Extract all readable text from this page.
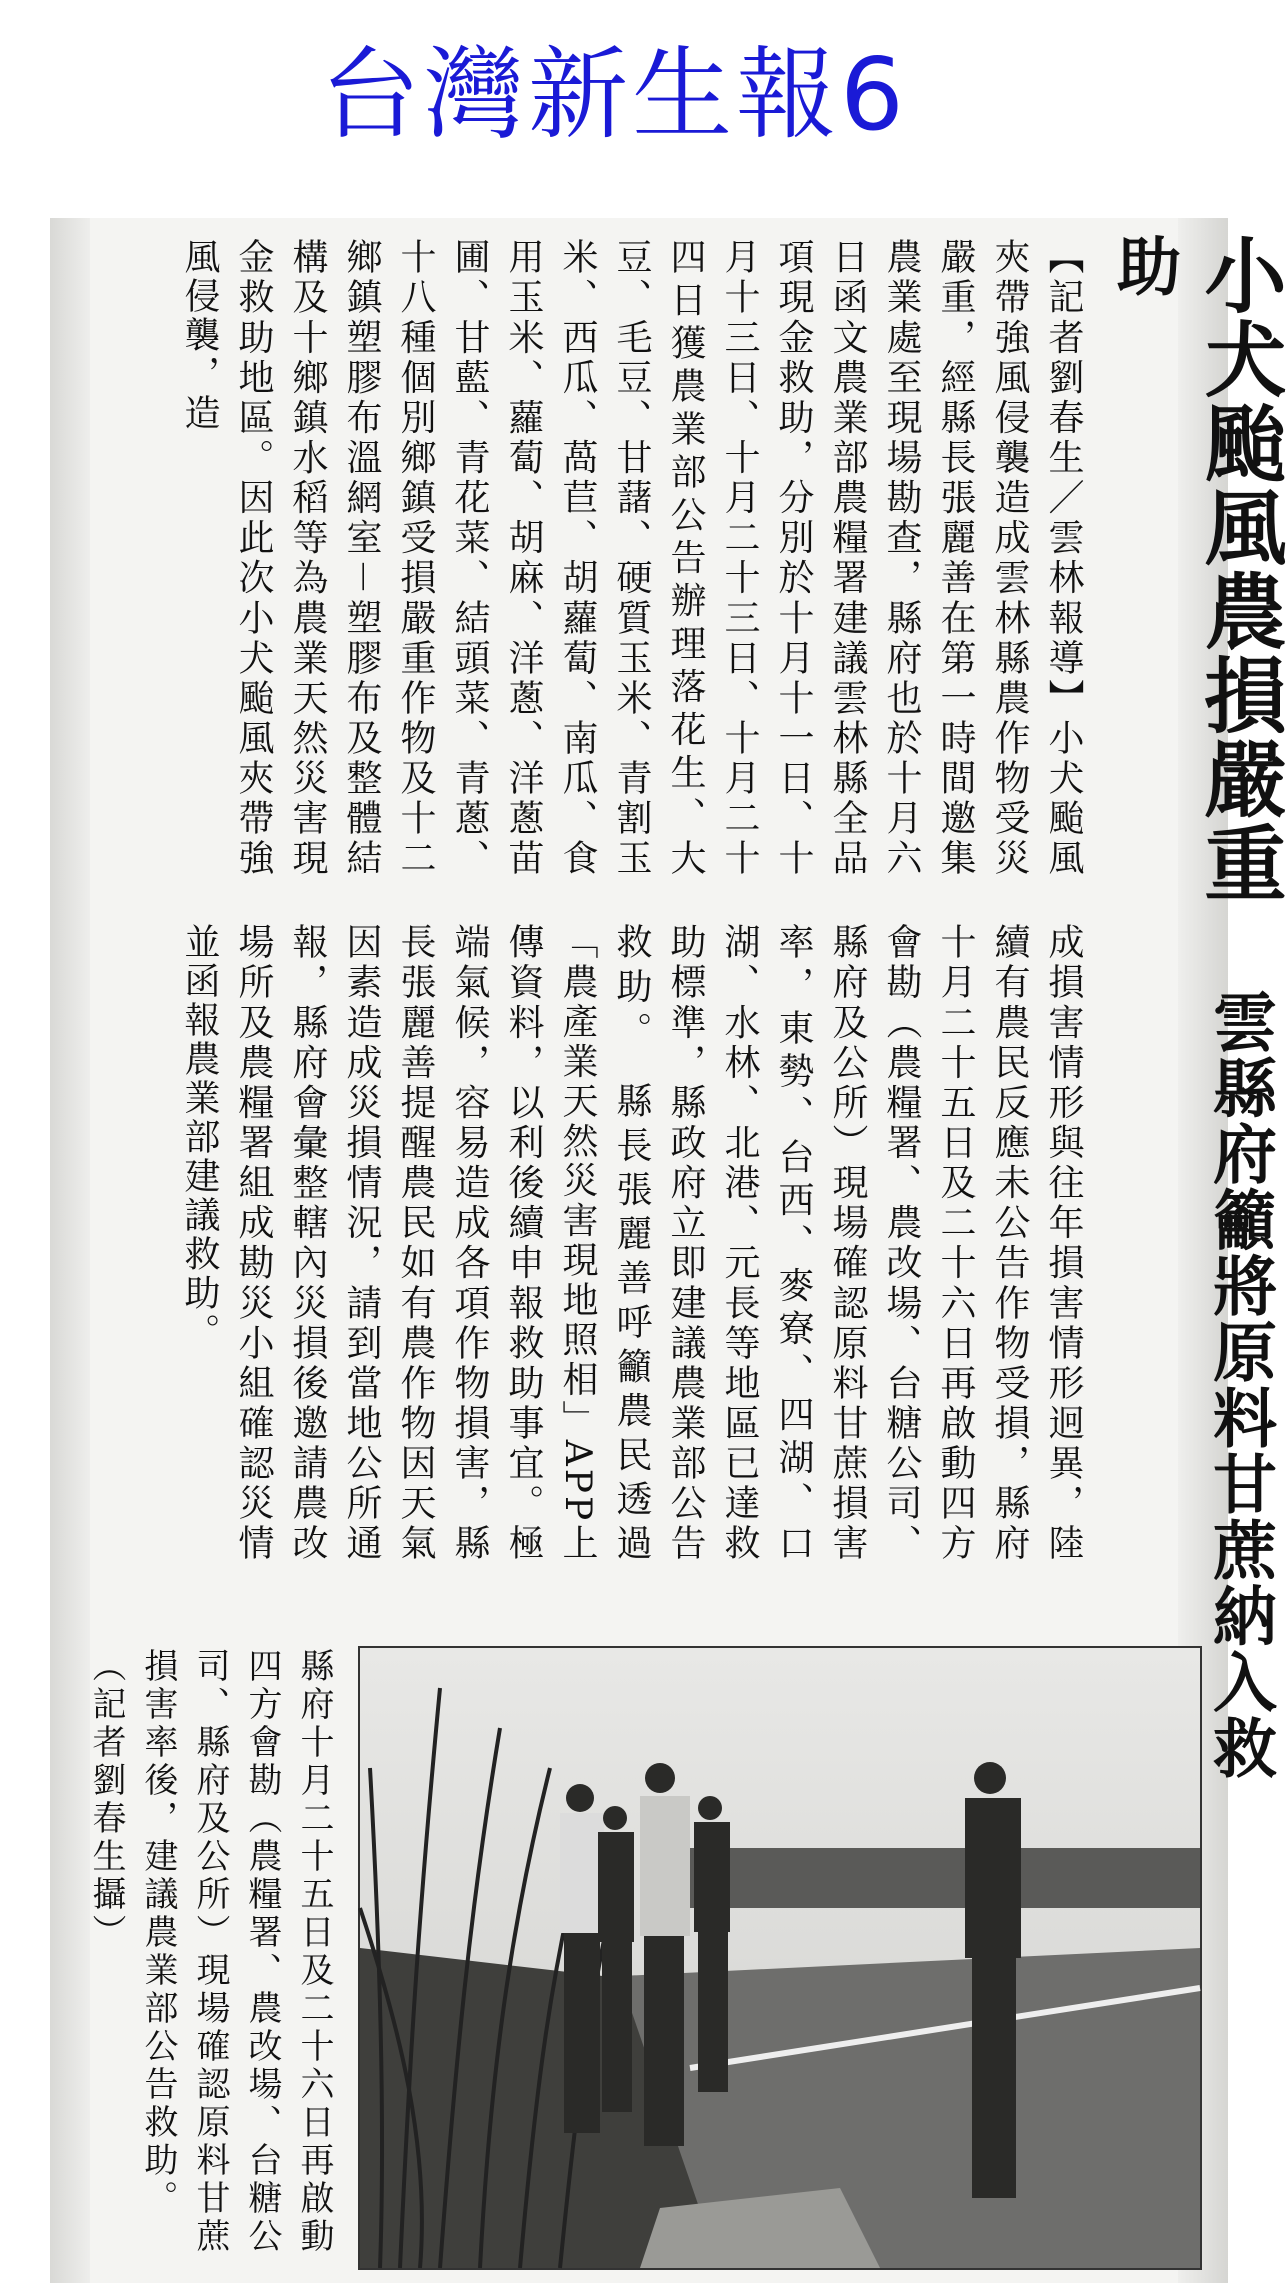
台灣新生報6
小犬颱風農損嚴重　雲縣府籲將原料甘蔗納入救助
【記者劉春生／雲林報導】小犬颱風夾帶強風侵襲造成雲林縣農作物受災嚴重，經縣長張麗善在第一時間邀集農業處至現場勘查，縣府也於十月六日函文農業部農糧署建議雲林縣全品項現金救助，分別於十月十一日、十月十三日、十月二十三日、十月二十四日獲農業部公告辦理落花生、大豆、毛豆、甘藷、硬質玉米、青割玉米、西瓜、萵苣、胡蘿蔔、南瓜、食用玉米、蘿蔔、胡麻、洋蔥、洋蔥苗圃、甘藍、青花菜、結頭菜、青蔥、十八種個別鄉鎮受損嚴重作物及十二鄉鎮塑膠布溫網室－塑膠布及整體結構及十鄉鎮水稻等為農業天然災害現金救助地區。因此次小犬颱風夾帶強風侵襲，造
成損害情形與往年損害情形迥異，陸續有農民反應未公告作物受損，縣府十月二十五日及二十六日再啟動四方會勘（農糧署、農改場、台糖公司、縣府及公所）現場確認原料甘蔗損害率，東勢、台西、麥寮、四湖、口湖、水林、北港、元長等地區已達救助標準，縣政府立即建議農業部公告救助。　縣長張麗善呼籲農民透過「農產業天然災害現地照相」APP上傳資料，以利後續申報救助事宜。極端氣候，容易造成各項作物損害，縣長張麗善提醒農民如有農作物因天氣因素造成災損情況，請到當地公所通報，縣府會彙整轄內災損後邀請農改場所及農糧署組成勘災小組確認災情並函報農業部建議救助。
縣府十月二十五日及二十六日再啟動四方會勘（農糧署、農改場、台糖公司、縣府及公所）現場確認原料甘蔗損害率後，建議農業部公告救助。（記者劉春生攝）
